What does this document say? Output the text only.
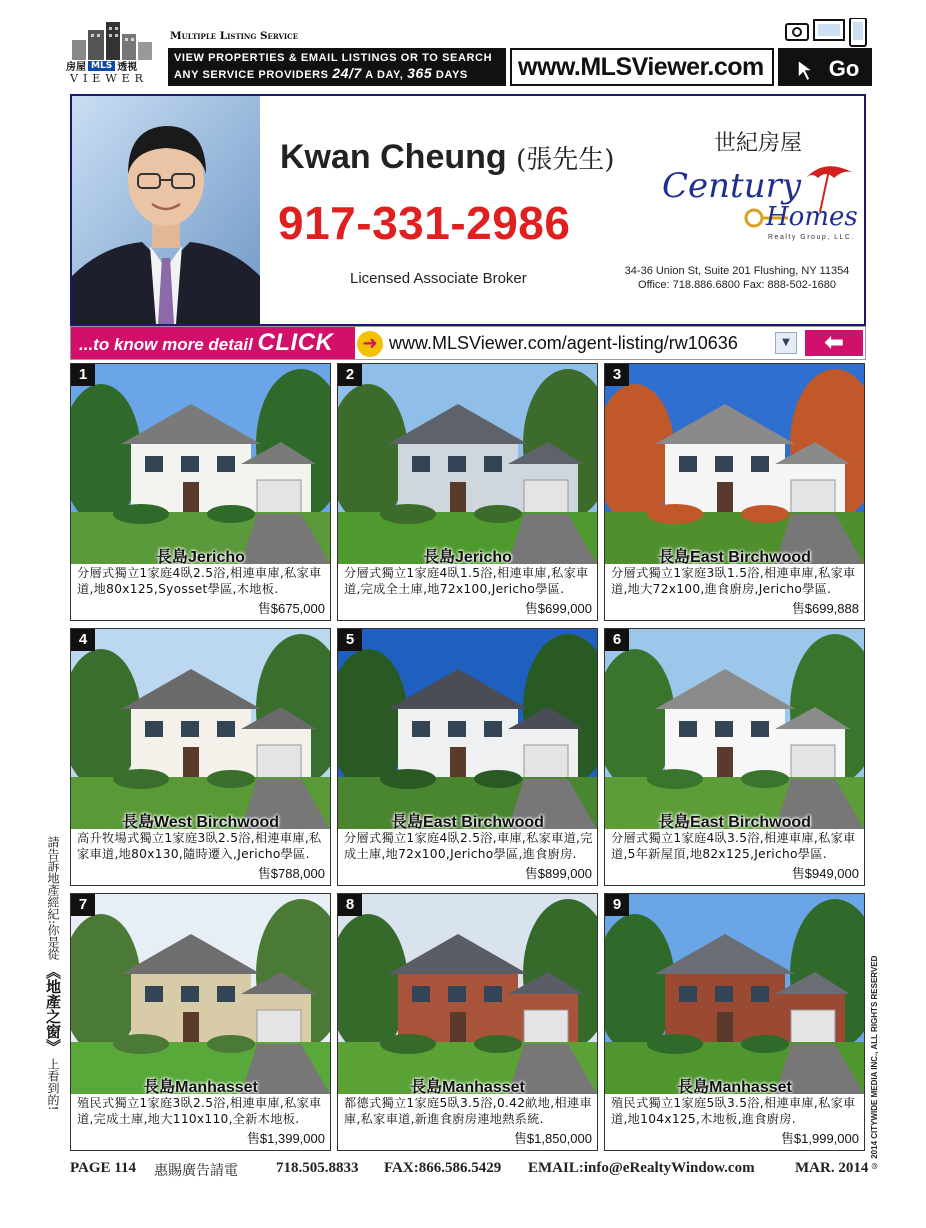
房屋 MLS 透視
VIEWER
Multiple Listing Service
VIEW PROPERTIES & EMAIL LISTINGS OR TO SEARCH
ANY SERVICE PROVIDERS 24/7 A DAY, 365 DAYS	www.MLSViewer.com	Go
Kwan Cheung (張先生)
917-331-2986
Licensed Associate Broker
世紀房屋
Century
Homes
Realty Group, LLC.
34-36 Union St, Suite 201 Flushing, NY 11354
Office: 718.886.6800 Fax: 888-502-1680
...to know more detail CLICK	➜ www.MLSViewer.com/agent-listing/rw10636	▼	⬅
1
長島Jericho
分層式獨立1家庭4臥2.5浴,相連車庫,私家車道,地80x125,Syosset學區,木地板.
售$675,000
2
長島Jericho
分層式獨立1家庭4臥1.5浴,相連車庫,私家車道,完成全土庫,地72x100,Jericho學區.
售$699,000
3
長島East Birchwood
分層式獨立1家庭3臥1.5浴,相連車庫,私家車道,地大72x100,進食廚房,Jericho學區.
售$699,888
4
長島West Birchwood
高升牧場式獨立1家庭3臥2.5浴,相連車庫,私家車道,地80x130,隨時遷入,Jericho學區.
售$788,000
5
長島East Birchwood
分層式獨立1家庭4臥2.5浴,車庫,私家車道,完成土庫,地72x100,Jericho學區,進食廚房.
售$899,000
6
長島East Birchwood
分層式獨立1家庭4臥3.5浴,相連車庫,私家車道,5年新屋頂,地82x125,Jericho學區.
售$949,000
7
長島Manhasset
殖民式獨立1家庭3臥2.5浴,相連車庫,私家車道,完成土庫,地大110x110,全新木地板.
售$1,399,000
8
長島Manhasset
都德式獨立1家庭5臥3.5浴,0.42畝地,相連車庫,私家車道,新進食廚房連地熱系統.
售$1,850,000
9
長島Manhasset
殖民式獨立1家庭5臥3.5浴,相連車庫,私家車道,地104x125,木地板,進食廚房.
售$1,999,000
請告訴地產經紀:你是從 《地產之窗》 上看到的!	© 2014 CITYWIDE MEDIA INC., ALL RIGHTS RESERVED
PAGE 114 惠賜廣告請電	718.505.8833 FAX:866.586.5429 EMAIL:info@eRealtyWindow.com	MAR. 2014
